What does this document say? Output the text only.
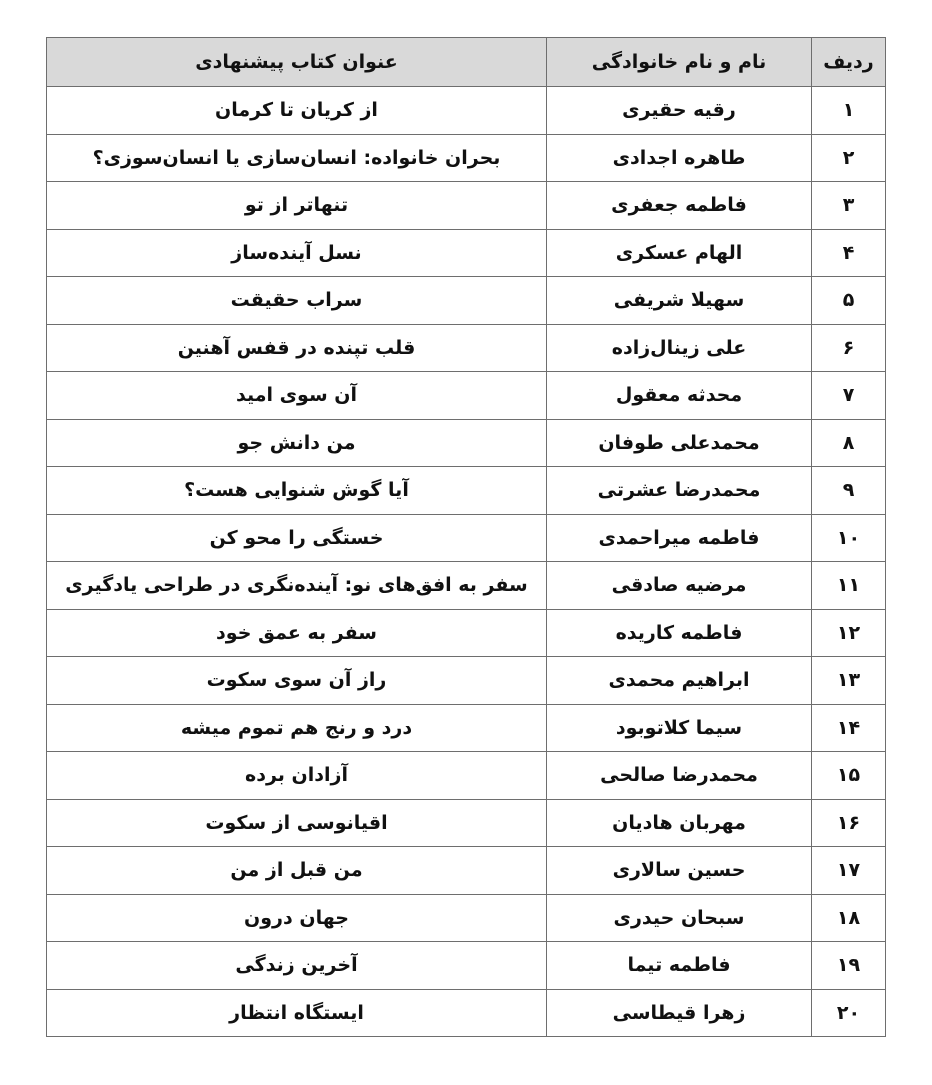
ردیف	نام و نام خانوادگی	عنوان کتاب پیشنهادی
۱	رقیه حقیری	از کریان تا کرمان
۲	طاهره اجدادی	بحران خانواده: انسان‌سازی یا انسان‌سوزی؟
۳	فاطمه جعفری	تنهاتر از تو
۴	الهام عسکری	نسل آینده‌ساز
۵	سهیلا شریفی	سراب حقیقت
۶	علی زینال‌زاده	قلب تپنده در قفس آهنین
۷	محدثه معقول	آن سوی امید
۸	محمدعلی طوفان	من دانش جو
۹	محمدرضا عشرتی	آیا گوش شنوایی هست؟
۱۰	فاطمه میراحمدی	خستگی را محو کن
۱۱	مرضیه صادقی	سفر به افق‌های نو: آینده‌نگری در طراحی یادگیری
۱۲	فاطمه کاریده	سفر به عمق خود
۱۳	ابراهیم محمدی	راز آن سوی سکوت
۱۴	سیما کلاتوبود	درد و رنج هم تموم میشه
۱۵	محمدرضا صالحی	آزادان برده
۱۶	مهربان هادیان	اقیانوسی از سکوت
۱۷	حسین سالاری	من قبل از من
۱۸	سبحان حیدری	جهان درون
۱۹	فاطمه تیما	آخرین زندگی
۲۰	زهرا قیطاسی	ایستگاه انتظار
